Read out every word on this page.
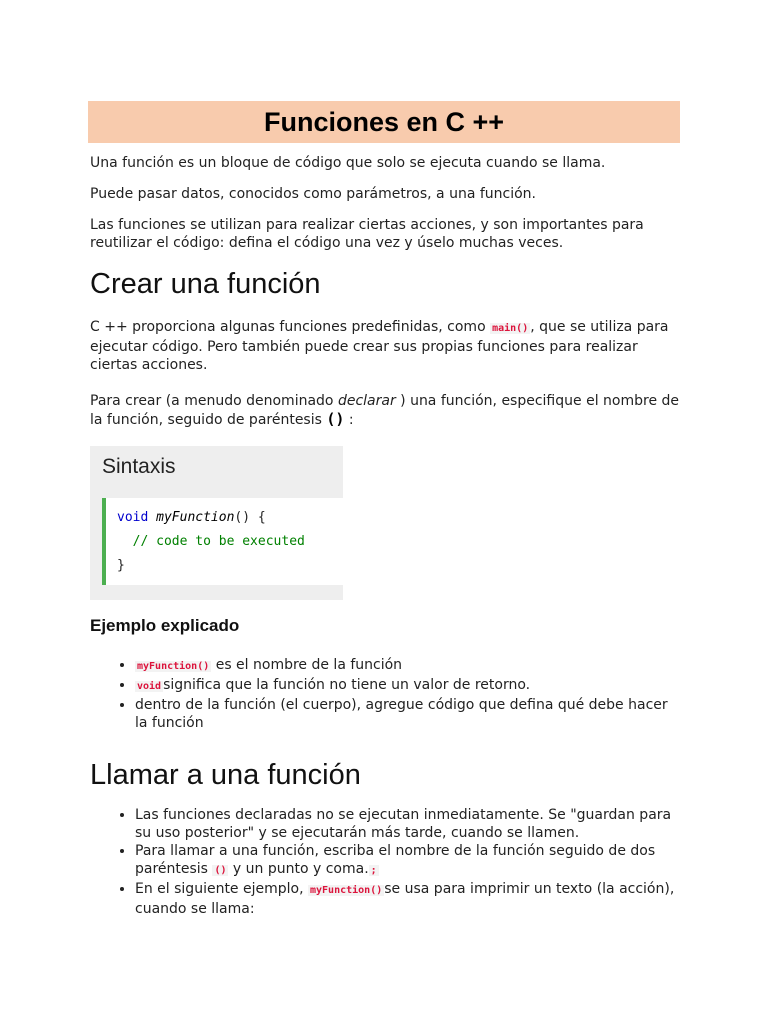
Funciones en C ++

Una función es un bloque de código que solo se ejecuta cuando se llama.

Puede pasar datos, conocidos como parámetros, a una función.

Las funciones se utilizan para realizar ciertas acciones, y son importantes para reutilizar el código: defina el código una vez y úselo muchas veces.

Crear una función

C ++ proporciona algunas funciones predefinidas, como main() , que se utiliza para ejecutar código. Pero también puede crear sus propias funciones para realizar ciertas acciones.

Para crear (a menudo denominado declarar ) una función, especifique el nombre de la función, seguido de paréntesis () :

Sintaxis
void myFunction() {
// code to be executed
}
Ejemplo explicado
• myFunction() es el nombre de la función
• void significa que la función no tiene un valor de retorno.
• dentro de la función (el cuerpo), agregue código que defina qué debe hacer la función
Llamar a una función
• Las funciones declaradas no se ejecutan inmediatamente. Se "guardan para su uso posterior" y se ejecutarán más tarde, cuando se llamen.
• Para llamar a una función, escriba el nombre de la función seguido de dos paréntesis () y un punto y coma. ;
• En el siguiente ejemplo, myFunction() se usa para imprimir un texto (la acción), cuando se llama:
